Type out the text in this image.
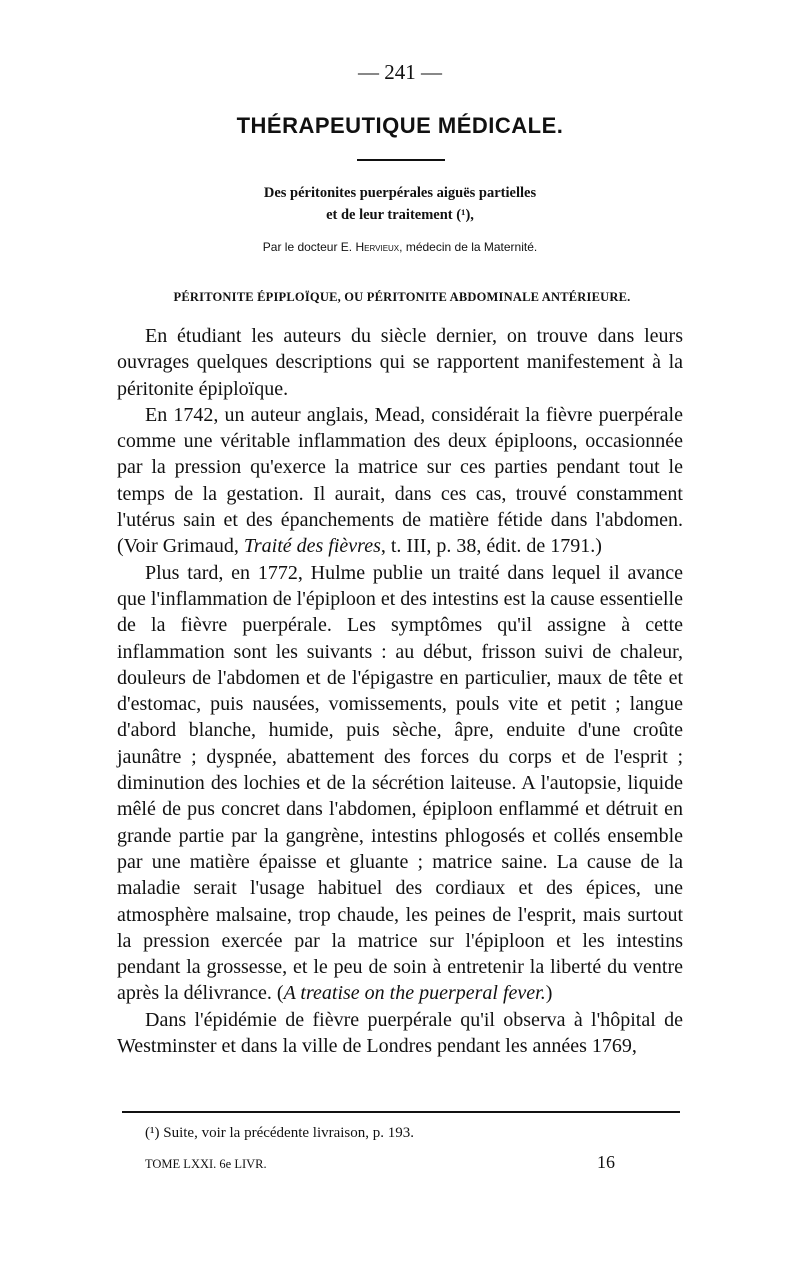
— 241 —
THÉRAPEUTIQUE MÉDICALE.
Des péritonites puerpérales aiguës partielles
et de leur traitement (¹),
Par le docteur E. Hervieux, médecin de la Maternité.
PÉRITONITE ÉPIPLOÏQUE, OU PÉRITONITE ABDOMINALE ANTÉRIEURE.

En étudiant les auteurs du siècle dernier, on trouve dans leurs ouvrages quelques descriptions qui se rapportent manifestement à la péritonite épiploïque.

En 1742, un auteur anglais, Mead, considérait la fièvre puerpérale comme une véritable inflammation des deux épiploons, occasionnée par la pression qu'exerce la matrice sur ces parties pendant tout le temps de la gestation. Il aurait, dans ces cas, trouvé constamment l'utérus sain et des épanchements de matière fétide dans l'abdomen. (Voir Grimaud, Traité des fièvres, t. III, p. 38, édit. de 1791.)

Plus tard, en 1772, Hulme publie un traité dans lequel il avance que l'inflammation de l'épiploon et des intestins est la cause essentielle de la fièvre puerpérale. Les symptômes qu'il assigne à cette inflammation sont les suivants : au début, frisson suivi de chaleur, douleurs de l'abdomen et de l'épigastre en particulier, maux de tête et d'estomac, puis nausées, vomissements, pouls vite et petit ; langue d'abord blanche, humide, puis sèche, âpre, enduite d'une croûte jaunâtre ; dyspnée, abattement des forces du corps et de l'esprit ; diminution des lochies et de la sécrétion laiteuse. A l'autopsie, liquide mêlé de pus concret dans l'abdomen, épiploon enflammé et détruit en grande partie par la gangrène, intestins phlogosés et collés ensemble par une matière épaisse et gluante ; matrice saine. La cause de la maladie serait l'usage habituel des cordiaux et des épices, une atmosphère malsaine, trop chaude, les peines de l'esprit, mais surtout la pression exercée par la matrice sur l'épiploon et les intestins pendant la grossesse, et le peu de soin à entretenir la liberté du ventre après la délivrance. (A treatise on the puerperal fever.)

Dans l'épidémie de fièvre puerpérale qu'il observa à l'hôpital de Westminster et dans la ville de Londres pendant les années 1769,

(¹) Suite, voir la précédente livraison, p. 193.
TOME LXXI. 6e LIVR.	16
